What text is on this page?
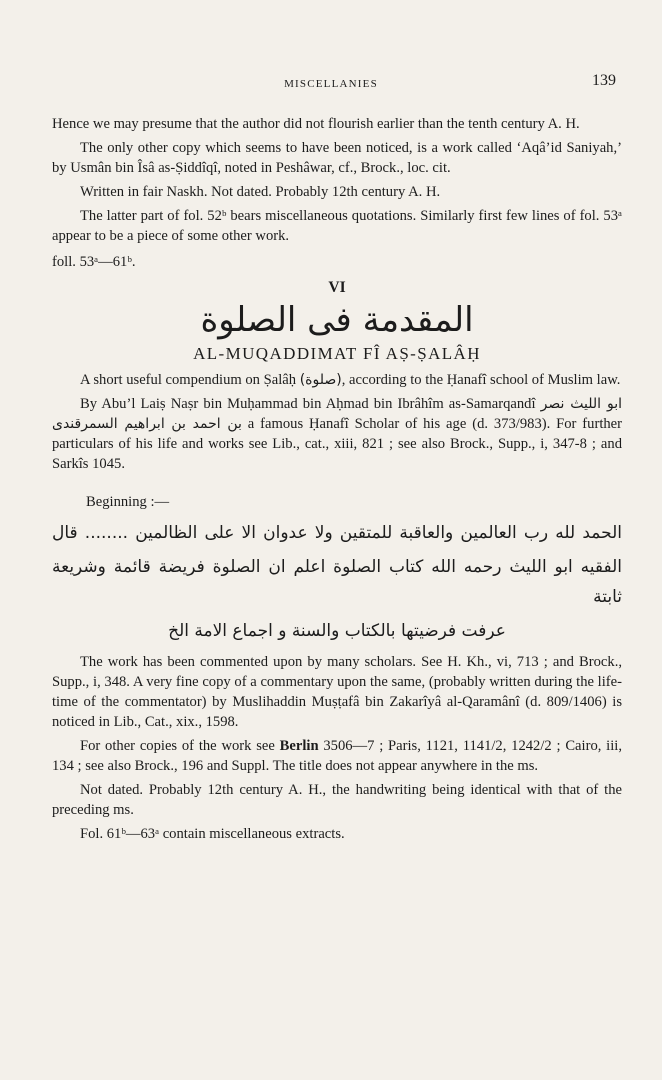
MISCELLANIES	139

Hence we may presume that the author did not flourish earlier than the tenth century A. H.

The only other copy which seems to have been noticed, is a work called ‘Aqâ’id Saniyah,’ by Usmân bin Îsâ as-Ṣiddîqî, noted in Peshâwar, cf., Brock., loc. cit.

Written in fair Naskh. Not dated. Probably 12th century A. H.

The latter part of fol. 52ᵇ bears miscellaneous quotations. Similarly first few lines of fol. 53ᵃ appear to be a piece of some other work.

foll. 53ᵃ—61ᵇ.

VI
المقدمة فى الصلوة
AL-MUQADDIMAT FÎ AṢ-ṢALÂḤ

A short useful compendium on Ṣalâḥ (صلوة), according to the Ḥanafî school of Muslim law.

By Abu’l Laiṣ Naṣr bin Muḥammad bin Aḥmad bin Ibrâhîm as-Samarqandî ابو الليث نصر بن احمد بن ابراهيم السمرقندى a famous Ḥanafî Scholar of his age (d. 373/983). For further particulars of his life and works see Lib., cat., xiii, 821 ; see also Brock., Supp., i, 347-8 ; and Sarkîs 1045.

Beginning :—

الحمد لله رب العالمين والعاقبة للمتقين ولا عدوان الا على الظالمين ........ قال

الفقيه ابو الليث رحمه الله كتاب الصلوة اعلم ان الصلوة فريضة قائمة وشريعة ثابتة

عرفت فرضيتها بالكتاب والسنة و اجماع الامة الخ

The work has been commented upon by many scholars. See H. Kh., vi, 713 ; and Brock., Supp., i, 348. A very fine copy of a commentary upon the same, (probably written during the life-time of the commentator) by Muslihaddin Muṣṭafâ bin Zakarîyâ al-Qaramânî (d. 809/1406) is noticed in Lib., Cat., xix., 1598.

For other copies of the work see Berlin 3506—7 ; Paris, 1121, 1141/2, 1242/2 ; Cairo, iii, 134 ; see also Brock., 196 and Suppl. The title does not appear anywhere in the ms.

Not dated. Probably 12th century A. H., the handwriting being identical with that of the preceding ms.

Fol. 61ᵇ—63ᵃ contain miscellaneous extracts.
